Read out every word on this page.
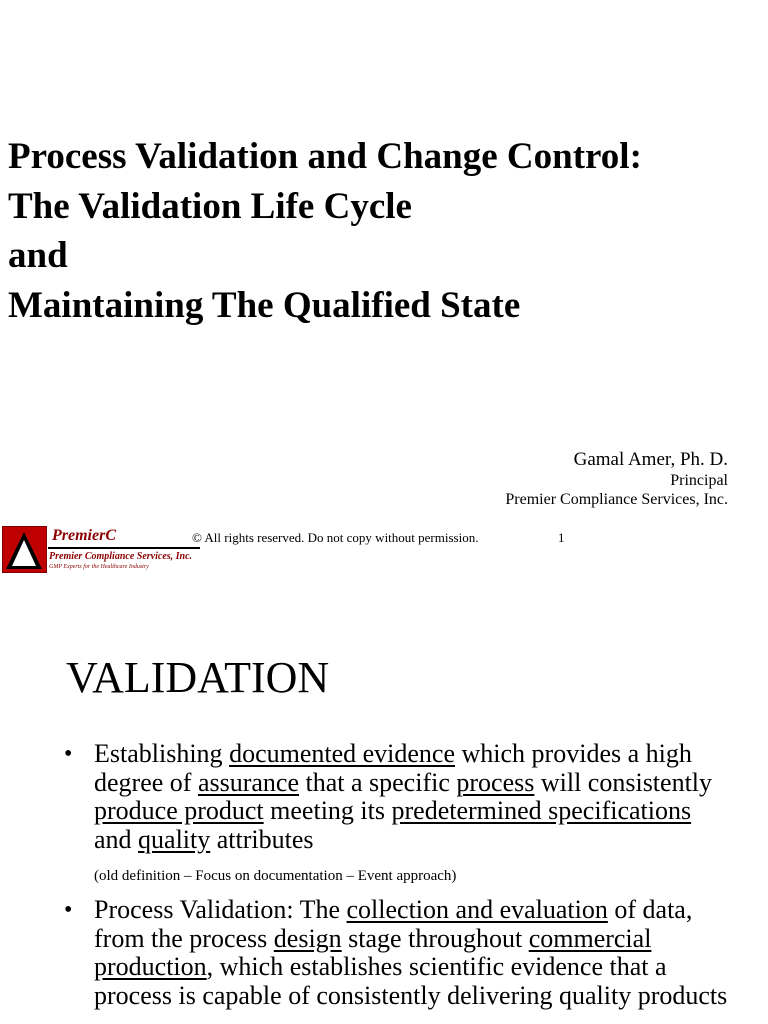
Process Validation and Change Control:
The Validation Life Cycle
and
Maintaining The Qualified State
Gamal Amer, Ph. D.
Principal
Premier Compliance Services, Inc.
PremierC
Premier Compliance Services, Inc.
GMP Experts for the Healthcare Industry
© All rights reserved. Do not copy without permission.	1
VALIDATION
• Establishing documented evidence which provides a high degree of assurance that a specific process will consistently produce product meeting its predetermined specifications and quality attributes
(old definition – Focus on documentation – Event approach)
• Process Validation: The collection and evaluation of data, from the process design stage throughout commercial production, which establishes scientific evidence that a process is capable of consistently delivering quality products
